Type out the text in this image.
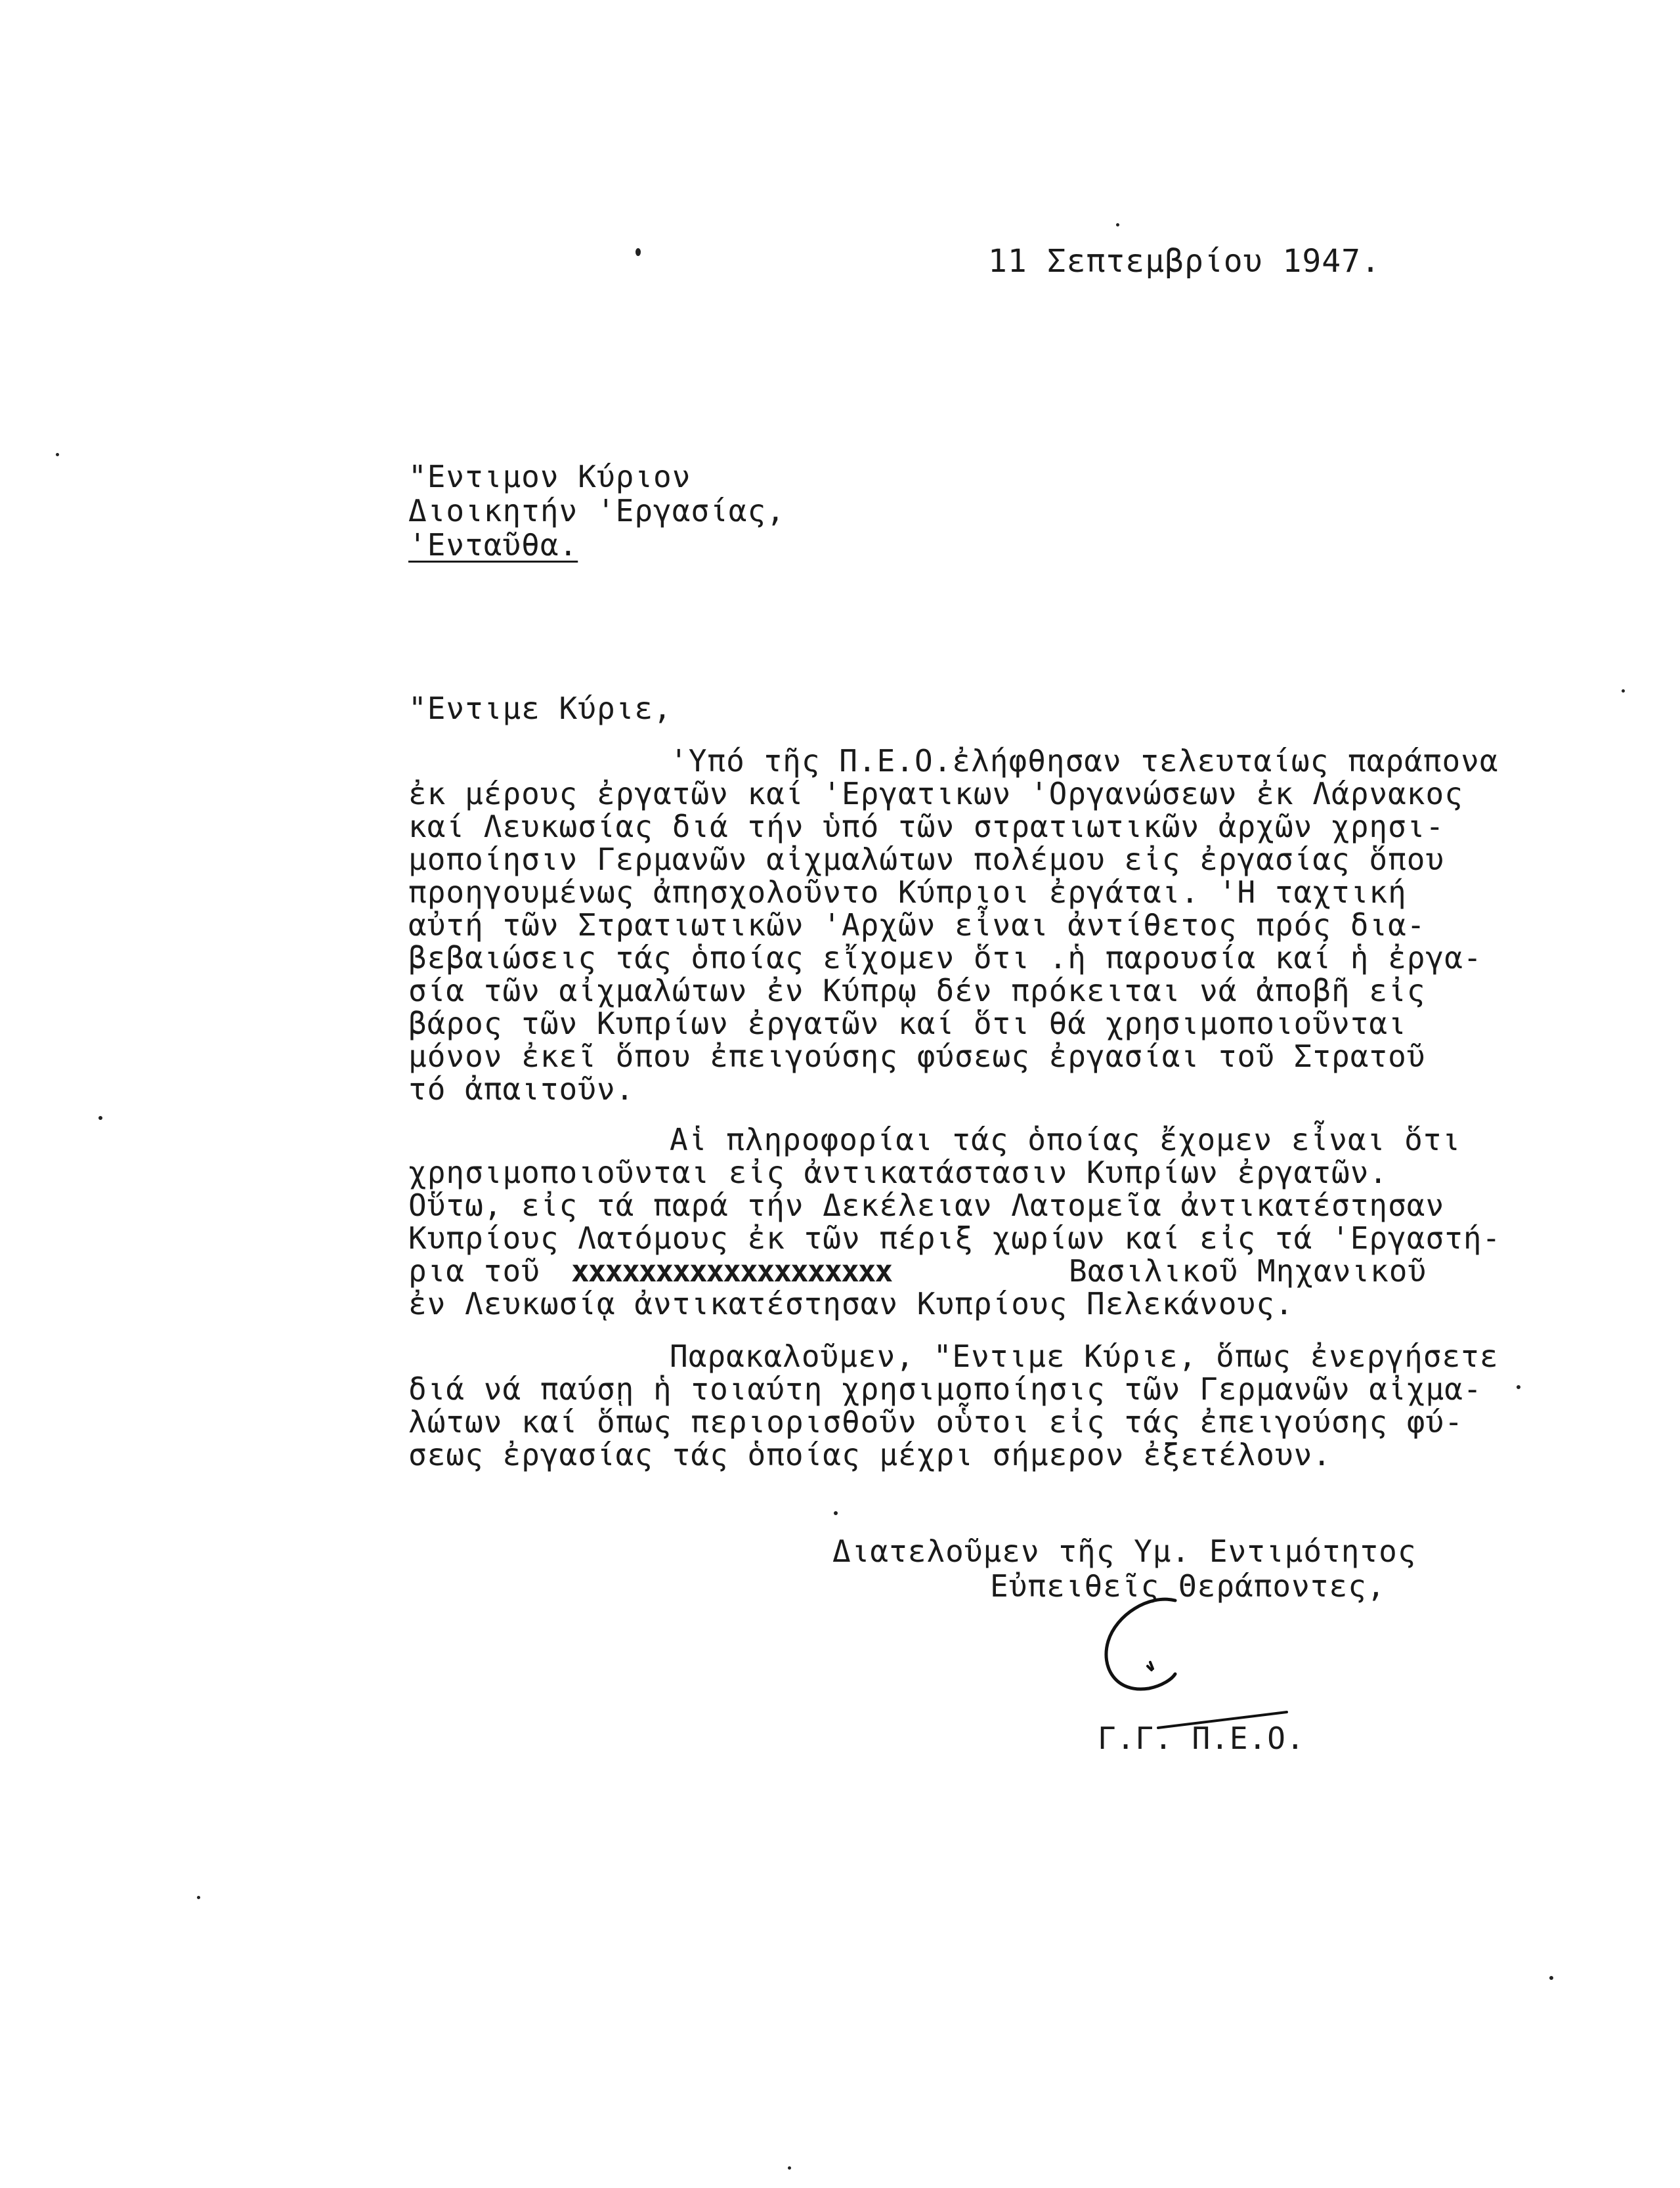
11 Σεπτεμβρίου 1947.
"Εντιμον Κύριον
Διοικητήν 'Εργασίας,
'Ενταῦθα.
"Εντιμε Κύριε,
'Υπό τῆς Π.Ε.Ο.ἐλήφθησαν τελευταίως παράπονα
ἐκ μέρους ἐργατῶν καί 'Εργατικων 'Οργανώσεων ἐκ Λάρνακος
καί Λευκωσίας διά τήν ὑπό τῶν στρατιωτικῶν ἀρχῶν χρησι-
μοποίησιν Γερμανῶν αἰχμαλώτων πολέμου εἰς ἐργασίας ὅπου
προηγουμένως ἀπησχολοῦντο Κύπριοι ἐργάται. 'Η ταχτική
αὐτή τῶν Στρατιωτικῶν 'Αρχῶν εἶναι ἀντίθετος πρός δια-
βεβαιώσεις τάς ὁποίας εἴχομεν ὅτι .ἡ παρουσία καί ἡ ἐργα-
σία τῶν αἰχμαλώτων ἐν Κύπρῳ δέν πρόκειται νά ἀποβῆ εἰς
βάρος τῶν Κυπρίων ἐργατῶν καί ὅτι θά χρησιμοποιοῦνται
μόνον ἐκεῖ ὅπου ἐπειγούσης φύσεως ἐργασίαι τοῦ Στρατοῦ
τό ἀπαιτοῦν.
Αἱ πληροφορίαι τάς ὁποίας ἔχομεν εἶναι ὅτι
χρησιμοποιοῦνται εἰς ἀντικατάστασιν Κυπρίων ἐργατῶν.
Οὕτω, εἰς τά παρά τήν Δεκέλειαν Λατομεῖα ἀντικατέστησαν
Κυπρίους Λατόμους ἐκ τῶν πέριξ χωρίων καί εἰς τά 'Εργαστή-
ρια τοῦ xxxxxxxxxxxxxxxxxxx	Βασιλικοῦ Μηχανικοῦ
ἐν Λευκωσίᾳ ἀντικατέστησαν Κυπρίους Πελεκάνους.
Παρακαλοῦμεν, "Εντιμε Κύριε, ὅπως ἐνεργήσετε
διά νά παύσῃ ἡ τοιαύτη χρησιμοποίησις τῶν Γερμανῶν αἰχμα-
λώτων καί ὅπως περιορισθοῦν οὗτοι εἰς τάς ἐπειγούσης φύ-
σεως ἐργασίας τάς ὁποίας μέχρι σήμερον ἐξετέλουν.
Διατελοῦμεν τῆς Υμ. Εντιμότητος
Εὐπειθεῖς Θεράποντες,
Γ.Γ. Π.Ε.Ο.
